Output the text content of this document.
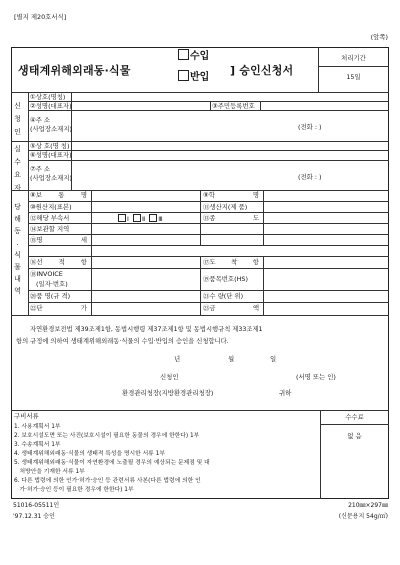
[별지 제20호서식]
(앞쪽)
생태계위해외래동·식물
수입
반입
] 승인신청서
처리기간
15일
신
청
인
①상호(명칭)
②성명(대표자)	③주민등록번호
④주 소
(사업장소재지)	(전화 : )
실
수
요
자
⑤상 호(명 칭)
⑥성명(대표자)
⑦주 소
(사업장소재지)	(전화 : )
당
해
동
.
식
물
내
역
⑧보	통	명	⑨학	명
⑩원산지(표본)	⑪생산지(제 품)
⑫해당 부속서	Ⅰ Ⅱ Ⅲ	⑬종	도
⑭보관할 지역
⑮명	세
⑯선	적	항	⑰도 착 항
⑱INVOICE
(일자·번호)
⑲품목번호(HS)
⑳품 명(규 격)	㉑수 량(단 위)
㉒단	가	㉓금	액
자연환경보전법 제39조제1항, 동법시행령 제37조제1항 및 동법시행규칙 제33조제1
항의 규정에 의하여 생태계위해외래동·식물의 수입·반입의 승인을 신청합니다.
년	월	일
신청인	(서명 또는 인)
환경관리청장(지방환경관리청장)	귀하
구비서류
1. 사용계획서 1부
2. 보호시설도면 또는 사진(보호시설이 필요한 동물의 경우에 한한다) 1부
3. 수송계획서 1부
4. 생태계위해외래동·식물의 생태적 특성을 명시한 서류 1부
5. 생태계위해외래동·식물이 자연환경에 노출될 경우의 예상되는 문제점 및 대
처방안을 기재한 서류 1부
6. 다른 법령에 의한 인가·허가·승인 등 관련서류 사본(다른 법령에 의한 인
가·허가·승인 등이 필요한 경우에 한한다) 1부
수수료
없 음
51016-05511인
'97.12.31 승인
210㎜×297㎜
(신문용지 54g/㎡)
